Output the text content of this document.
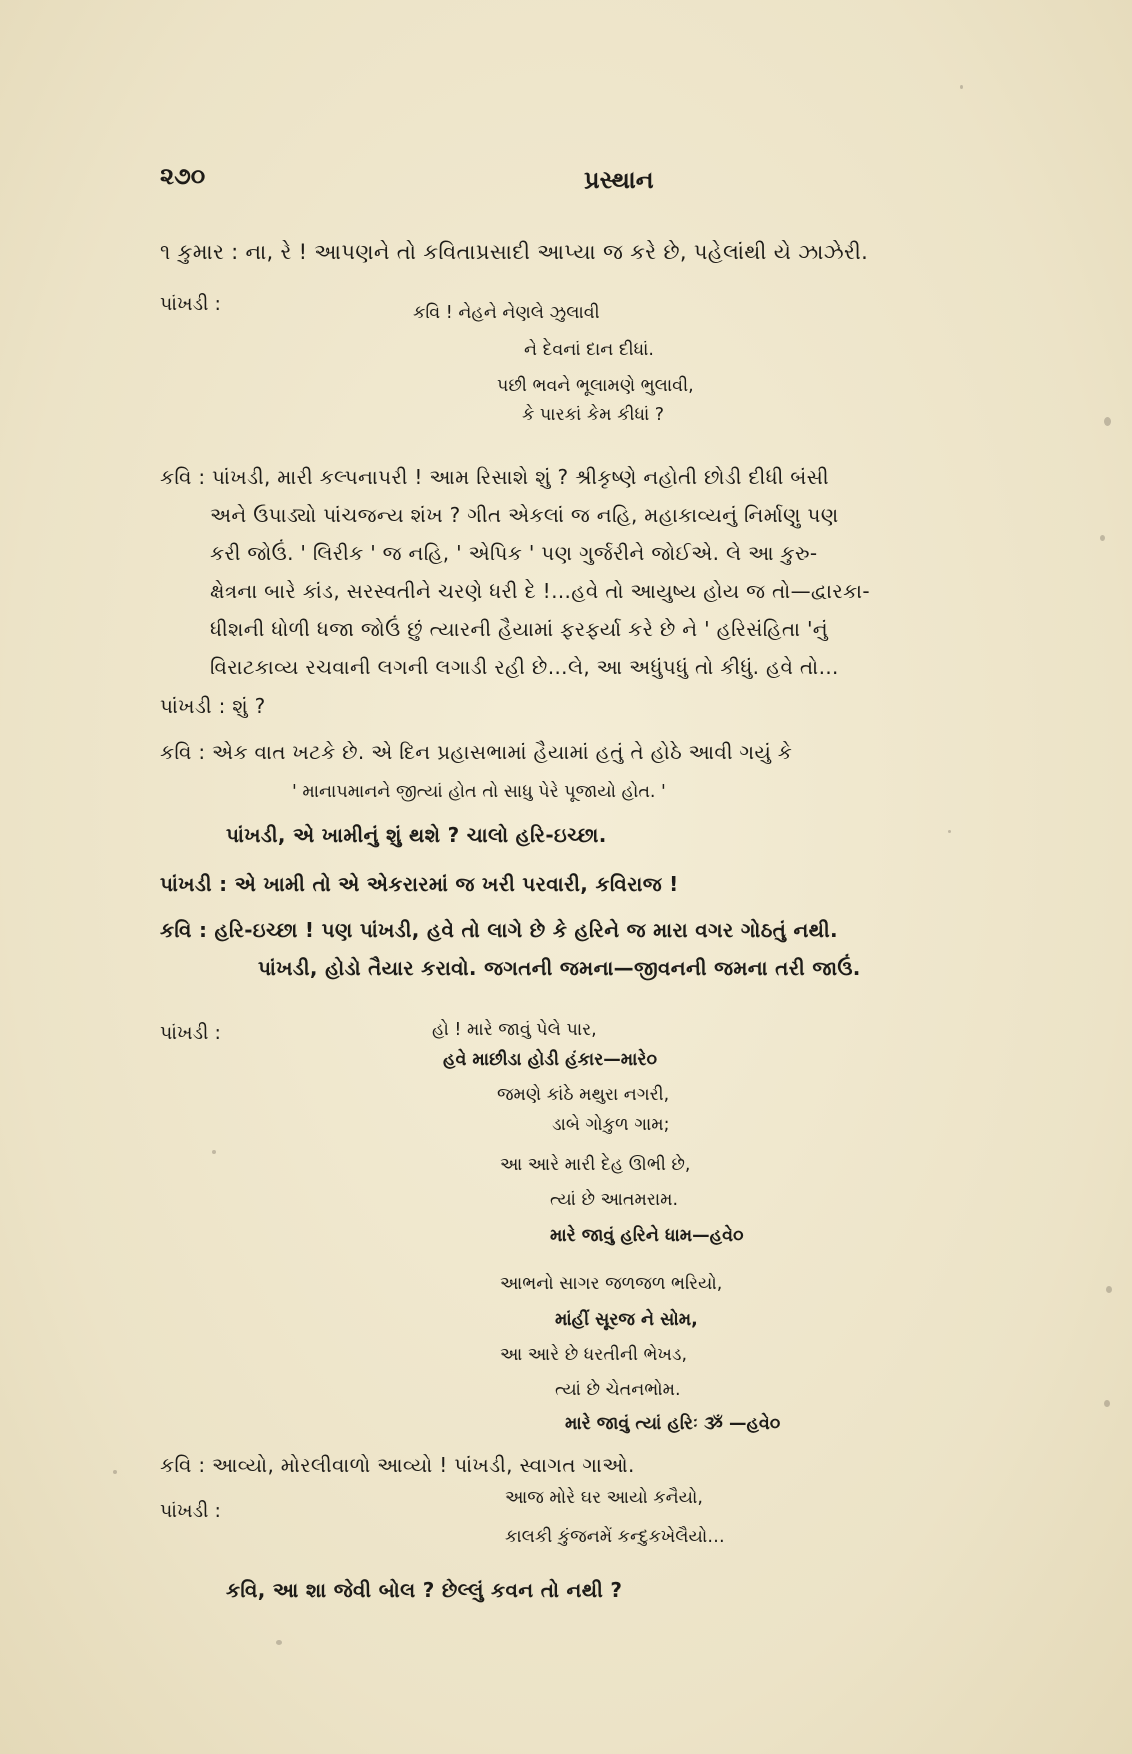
૨૭૦	પ્રસ્થાન
૧ કુમાર : ના, રે ! આપણને તો કવિતાપ્રસાદી આપ્યા જ કરે છે, પહેલાંથી યે ઝાઝેરી.
પાંખડી :	કવિ ! નેહને નેણલે ઝુલાવી
ને દેવનાં દાન દીધાં.
પછી ભવને ભૂલામણે ભુલાવી,
કે પારકાં કેમ કીધાં ?
કવિ : પાંખડી, મારી કલ્પનાપરી ! આમ રિસાશે શું ? શ્રીકૃષ્ણે નહોતી છોડી દીધી બંસી
અને ઉપાડ્યો પાંચજન્ય શંખ ? ગીત એકલાં જ નહિ, મહાકાવ્યનું નિર્માણુ પણ
કરી જોઉં. ' લિરીક ' જ નહિ, ' એપિક ' પણ ગુર્જરીને જોઈએ. લે આ કુરુ-
ક્ષેત્રના બારે કાંડ, સરસ્વતીને ચરણે ધરી દે !…હવે તો આયુષ્ય હોય જ તો—દ્વારકા-
ધીશની ધોળી ધજા જોઉં છું ત્યારની હૈયામાં ફરફર્યા કરે છે ને ' હરિસંહિતા 'નું
વિરાટકાવ્ય રચવાની લગની લગાડી રહી છે…લે, આ અધુંપધું તો કીધું. હવે તો…
પાંખડી : શું ?
કવિ : એક વાત ખટકે છે. એ દિન પ્રહાસભામાં હૈયામાં હતું તે હોઠે આવી ગયું કે
' માનાપમાનને જીત્યાં હોત તો સાધુ પેરે પૂજાયો હોત. '
પાંખડી, એ ખામીનું શું થશે ? ચાલો હરિ-ઇચ્છા.
પાંખડી : એ ખામી તો એ એકરારમાં જ ખરી પરવારી, કવિરાજ !
કવિ : હરિ-ઇચ્છા ! પણ પાંખડી, હવે તો લાગે છે કે હરિને જ મારા વગર ગોઠતું નથી.
પાંખડી, હોડો તૈયાર કરાવો. જગતની જમના—જીવનની જમના તરી જાઉં.
પાંખડી :	હો ! મારે જાવું પેલે પાર,
હવે માછીડા હોડી હંકાર—મારે૦
જમણે કાંઠે મથુરા નગરી,
ડાબે ગોકુળ ગામ;
આ આરે મારી દેહ ઊભી છે,
ત્યાં છે આતમરામ.
મારે જાવું હરિને ધામ—હવે૦
આભનો સાગર જળજળ ભરિયો,
માંહીં સૂરજ ને સોમ,
આ આરે છે ધરતીની ભેખડ,
ત્યાં છે ચેતનભોમ.
મારે જાવું ત્યાં હરિઃ ૐ —હવે૦
કવિ : આવ્યો, મોરલીવાળો આવ્યો ! પાંખડી, સ્વાગત ગાઓ.
આજ મોરે ઘર આયો કનૈયો,
પાંખડી :
કાલકી કુંજનમેં કન્દુકખેલૈયો…
કવિ, આ શા જેવી બોલ ? છેલ્લું કવન તો નથી ?
